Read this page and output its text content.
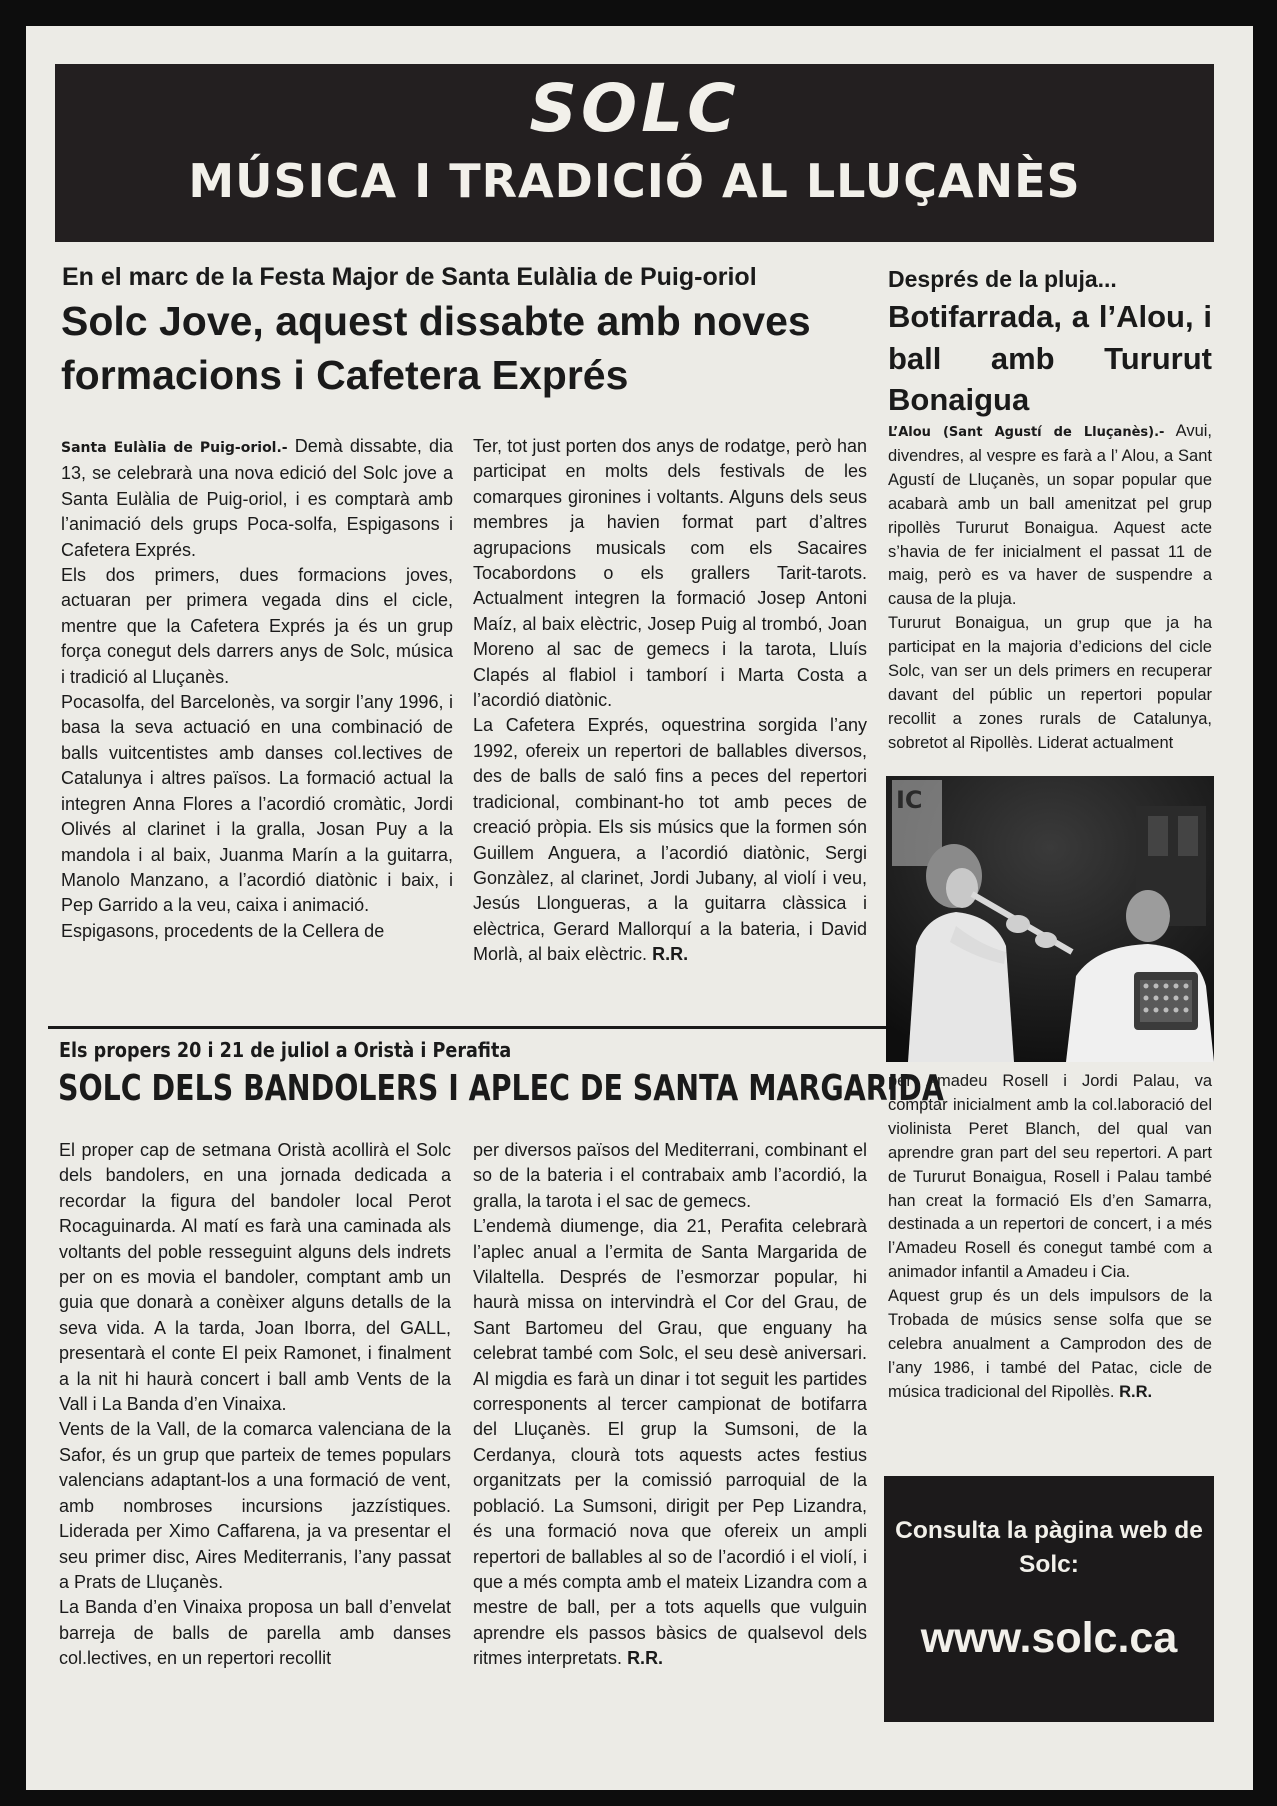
SOLC
MÚSICA I TRADICIÓ AL LLUÇANÈS
En el marc de la Festa Major de Santa Eulàlia de Puig-oriol
Solc Jove, aquest dissabte amb noves
formacions i Cafetera Exprés

Santa Eulàlia de Puig-oriol.- Demà dissabte, dia 13, se celebrarà una nova edició del Solc jove a Santa Eulàlia de Puig-oriol, i es comptarà amb l’animació dels grups Poca-solfa, Espigasons i Cafetera Exprés.

Els dos primers, dues formacions joves, actuaran per primera vegada dins el cicle, mentre que la Cafetera Exprés ja és un grup força conegut dels darrers anys de Solc, música i tradició al Lluçanès.

Pocasolfa, del Barcelonès, va sorgir l’any 1996, i basa la seva actuació en una combinació de balls vuitcentistes amb danses col.lectives de Catalunya i altres països. La formació actual la integren Anna Flores a l’acordió cromàtic, Jordi Olivés al clarinet i la gralla, Josan Puy a la mandola i al baix, Juanma Marín a la guitarra, Manolo Manzano, a l’acordió diatònic i baix, i Pep Garrido a la veu, caixa i animació.

Espigasons, procedents de la Cellera de

Ter, tot just porten dos anys de rodatge, però han participat en molts dels festivals de les comarques gironines i voltants. Alguns dels seus membres ja havien format part d’altres agrupacions musicals com els Sacaires Tocabordons o els grallers Tarit-tarots. Actualment integren la formació Josep Antoni Maíz, al baix elèctric, Josep Puig al trombó, Joan Moreno al sac de gemecs i la tarota, Lluís Clapés al flabiol i tamborí i Marta Costa a l’acordió diatònic.

La Cafetera Exprés, oquestrina sorgida l’any 1992, ofereix un repertori de ballables diversos, des de balls de saló fins a peces del repertori tradicional, combinant-ho tot amb peces de creació pròpia. Els sis músics que la formen són Guillem Anguera, a l’acordió diatònic, Sergi Gonzàlez, al clarinet, Jordi Jubany, al violí i veu, Jesús Llongueras, a la guitarra clàssica i elèctrica, Gerard Mallorquí a la bateria, i David Morlà, al baix elèctric. R.R.

Els propers 20 i 21 de juliol a Oristà i Perafita
SOLC DELS BANDOLERS I APLEC DE SANTA MARGARIDA

El proper cap de setmana Oristà acollirà el Solc dels bandolers, en una jornada dedicada a recordar la figura del bandoler local Perot Rocaguinarda. Al matí es farà una caminada als voltants del poble resseguint alguns dels indrets per on es movia el bandoler, comptant amb un guia que donarà a conèixer alguns detalls de la seva vida. A la tarda, Joan Iborra, del GALL, presentarà el conte El peix Ramonet, i finalment a la nit hi haurà concert i ball amb Vents de la Vall i La Banda d’en Vinaixa.

Vents de la Vall, de la comarca valenciana de la Safor, és un grup que parteix de temes populars valencians adaptant-los a una formació de vent, amb nombroses incursions jazzístiques. Liderada per Ximo Caffarena, ja va presentar el seu primer disc, Aires Mediterranis, l’any passat a Prats de Lluçanès.

La Banda d’en Vinaixa proposa un ball d’envelat barreja de balls de parella amb danses col.lectives, en un repertori recollit

per diversos països del Mediterrani, combinant el so de la bateria i el contrabaix amb l’acordió, la gralla, la tarota i el sac de gemecs.

L’endemà diumenge, dia 21, Perafita celebrarà l’aplec anual a l’ermita de Santa Margarida de Vilaltella. Després de l’esmorzar popular, hi haurà missa on intervindrà el Cor del Grau, de Sant Bartomeu del Grau, que enguany ha celebrat també com Solc, el seu desè aniversari. Al migdia es farà un dinar i tot seguit les partides corresponents al tercer campionat de botifarra del Lluçanès. El grup la Sumsoni, de la Cerdanya, clourà tots aquests actes festius organitzats per la comissió parroquial de la població. La Sumsoni, dirigit per Pep Lizandra, és una formació nova que ofereix un ampli repertori de ballables al so de l’acordió i el violí, i que a més compta amb el mateix Lizandra com a mestre de ball, per a tots aquells que vulguin aprendre els passos bàsics de qualsevol dels ritmes interpretats. R.R.

Després de la pluja...
Botifarrada, a l’Alou, i ball amb Tururut Bonaigua

L’Alou (Sant Agustí de Lluçanès).- Avui, divendres, al vespre es farà a l’ Alou, a Sant Agustí de Lluçanès, un sopar popular que acabarà amb un ball amenitzat pel grup ripollès Tururut Bonaigua. Aquest acte s’havia de fer inicialment el passat 11 de maig, però es va haver de suspendre a causa de la pluja.

Tururut Bonaigua, un grup que ja ha participat en la majoria d’edicions del cicle Solc, van ser un dels primers en recuperar davant del públic un repertori popular recollit a zones rurals de Catalunya, sobretot al Ripollès. Liderat actualment

IC

per Amadeu Rosell i Jordi Palau, va comptar inicialment amb la col.laboració del violinista Peret Blanch, del qual van aprendre gran part del seu repertori. A part de Tururut Bonaigua, Rosell i Palau també han creat la formació Els d’en Samarra, destinada a un repertori de concert, i a més l’Amadeu Rosell és conegut també com a animador infantil a Amadeu i Cia.

Aquest grup és un dels impulsors de la Trobada de músics sense solfa que se celebra anualment a Camprodon des de l’any 1986, i també del Patac, cicle de música tradicional del Ripollès. R.R.

Consulta la pàgina web de Solc:
www.solc.ca
